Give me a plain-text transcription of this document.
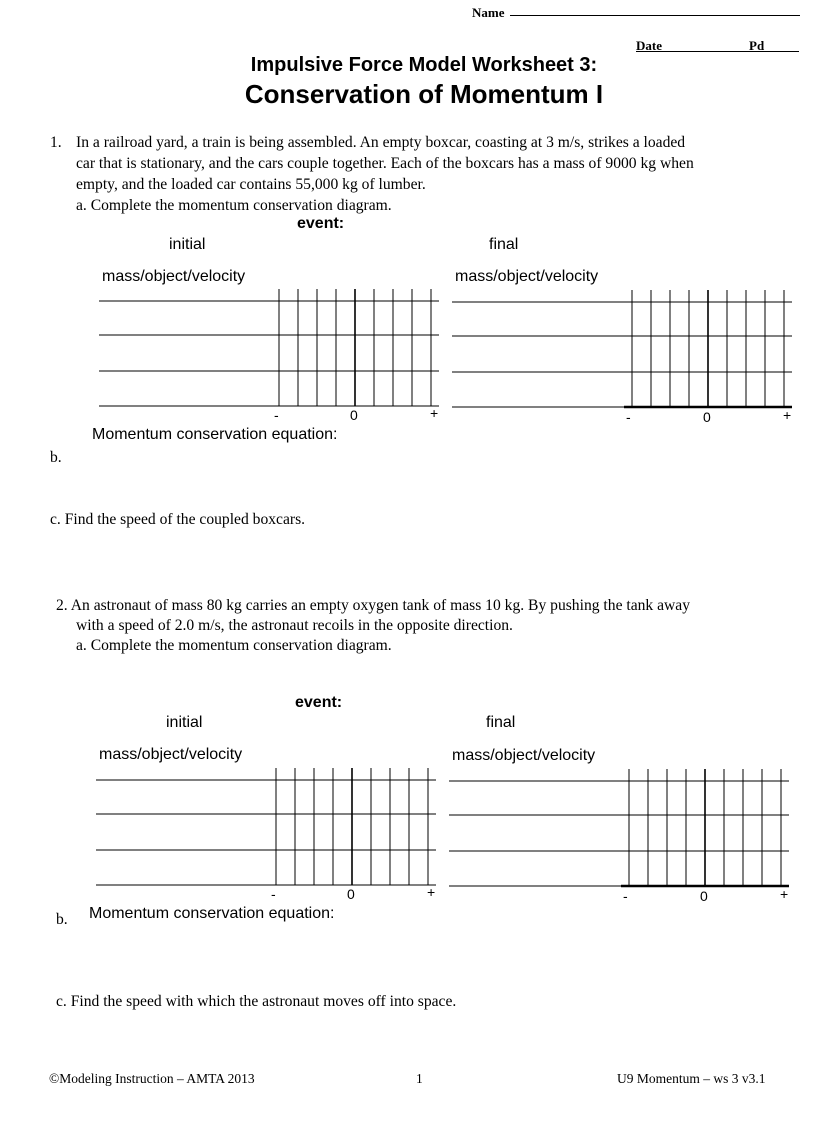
Name
Date	Pd
Impulsive Force Model Worksheet 3:
Conservation of Momentum I
1. In a railroad yard, a train is being assembled. An empty boxcar, coasting at 3 m/s, strikes a loaded
car that is stationary, and the cars couple together. Each of the boxcars has a mass of 9000 kg when
empty, and the loaded car contains 55,000 kg of lumber.
a. Complete the momentum conservation diagram.
event:
initial	final
mass/object/velocity	mass/object/velocity
-	0	+	-	0	+
Momentum conservation equation:
b.
c. Find the speed of the coupled boxcars.
2. An astronaut of mass 80 kg carries an empty oxygen tank of mass 10 kg. By pushing the tank away
with a speed of 2.0 m/s, the astronaut recoils in the opposite direction.
a. Complete the momentum conservation diagram.
event:
initial	final
mass/object/velocity	mass/object/velocity
-	0	+	-	0	+
b. Momentum conservation equation:
c. Find the speed with which the astronaut moves off into space.
©Modeling Instruction – AMTA 2013	1	U9 Momentum – ws 3 v3.1
